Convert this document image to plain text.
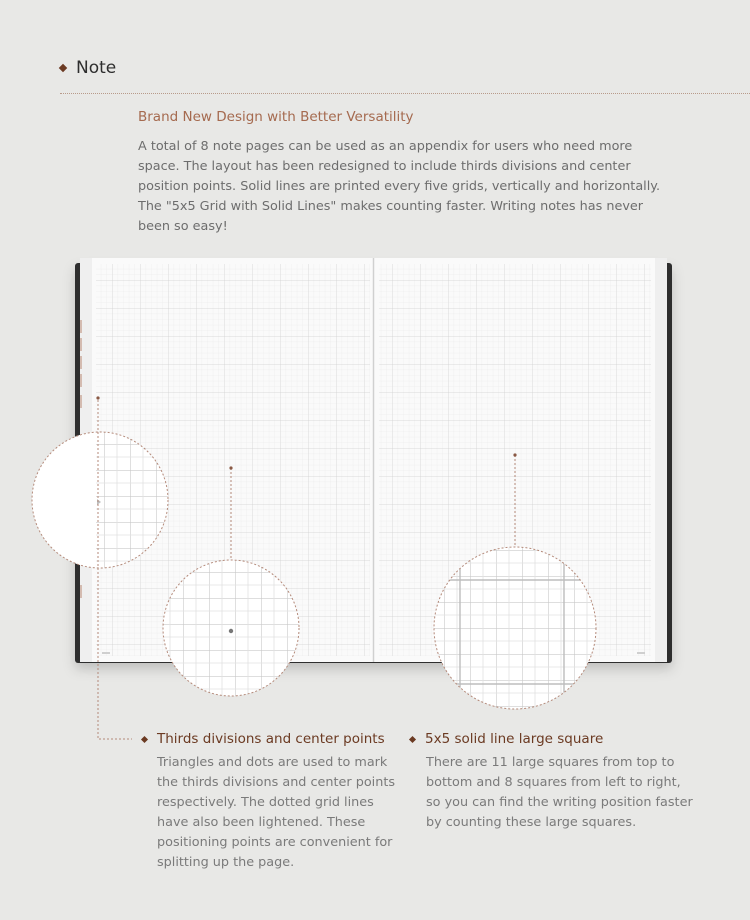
Note
Brand New Design with Better Versatility
A total of 8 note pages can be used as an appendix for users who need more space. The layout has been redesigned to include thirds divisions and center position points. Solid lines are printed every five grids, vertically and horizontally. The "5x5 Grid with Solid Lines" makes counting faster. Writing notes has never been so easy!
Thirds divisions and center points
Triangles and dots are used to mark the thirds divisions and center points respectively. The dotted grid lines have also been lightened. These positioning points are convenient for splitting up the page.
5x5 solid line large square
There are 11 large squares from top to bottom and 8 squares from left to right, so you can find the writing position faster by counting these large squares.
